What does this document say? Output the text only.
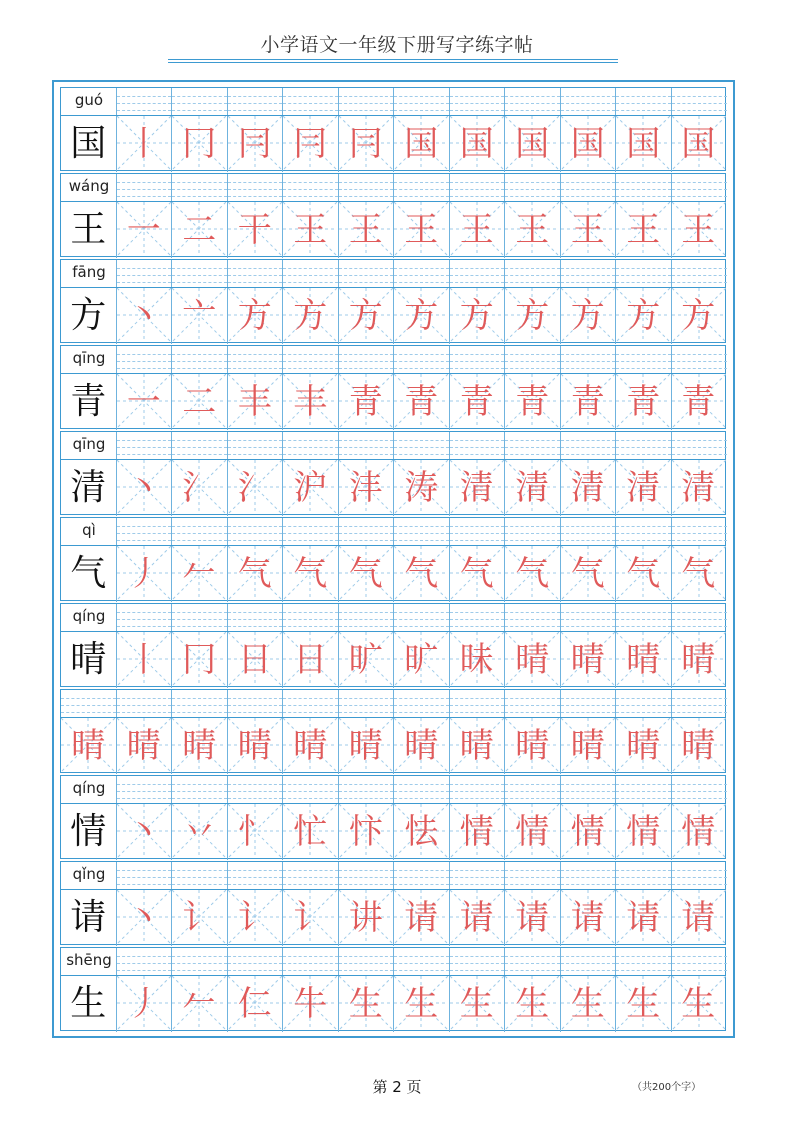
小学语文一年级下册写字练字帖
guó
国 丨 冂 冃 冃 冃 国 国 国 国 国 国
wáng
王 一 二 干 王 王 王 王 王 王 王 王
fāng
方 丶 亠 方 方 方 方 方 方 方 方 方
qīng
青 一 二 丰 丰 青 青 青 青 青 青 青
qīng
清 丶 氵 氵 沪 沣 涛 清 清 清 清 清
qì
气 丿 𠂉 气 气 气 气 气 气 气 气 气
qíng
晴 丨 冂 日 日 旷 旷 昧 晴 晴 晴 晴
晴 晴 晴 晴 晴 晴 晴 晴 晴 晴 晴 晴
qíng
情 丶 丷 忄 忙 忭 怯 情 情 情 情 情
qǐng
请 丶 讠 讠 讠 讲 请 请 请 请 请 请
shēng
生 丿 𠂉 仁 牛 生 生 生 生 生 生 生
第 2 页	（共200个字）
